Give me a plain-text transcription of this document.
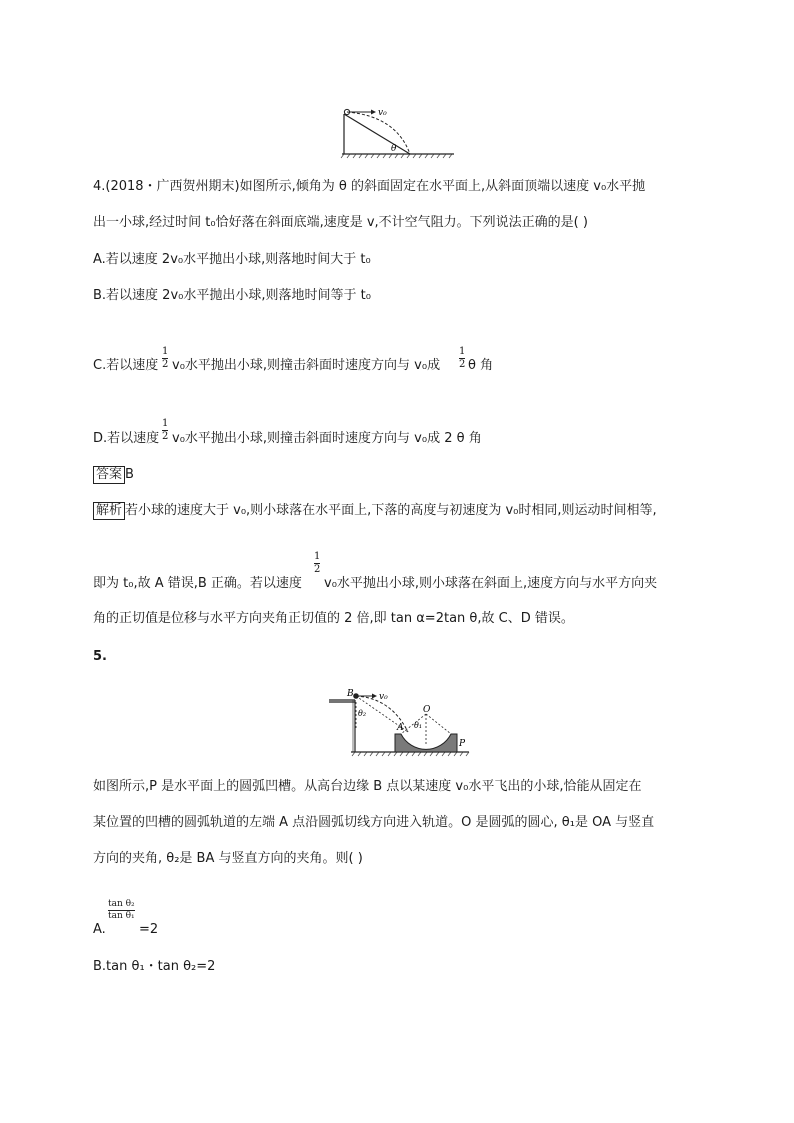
v₀
θ
4.(2018・广西贺州期末)如图所示,倾角为 θ 的斜面固定在水平面上,从斜面顶端以速度 v₀水平抛
出一小球,经过时间 t₀恰好落在斜面底端,速度是 v,不计空气阻力。下列说法正确的是( )
A.若以速度 2v₀水平抛出小球,则落地时间大于 t₀
B.若以速度 2v₀水平抛出小球,则落地时间等于 t₀
C.若以速度 $\frac{1}{2} v_0$水平抛出小球,则撞击斜面时速度方向与 v₀成 $\frac{1}{2}$ θ 角
D.若以速度 $\frac{1}{2} v_0$水平抛出小球,则撞击斜面时速度方向与 v₀成 2 θ 角
答案 B
解析 若小球的速度大于 v₀,则小球落在水平面上,下落的高度与初速度为 v₀时相同,则运动时间相等,
即为 t₀,故 A 错误,B 正确。若以速度
$\frac{1}{2}$
v₀水平抛出小球,则小球落在斜面上,速度方向与水平方向夹
角的正切值是位移与水平方向夹角正切值的 2 倍,即 tan α=2tan θ,故 C、D 错误。
5.
B	v₀
θ₂
A
O
θ₁
P
如图所示,P 是水平面上的圆弧凹槽。从高台边缘 B 点以某速度 v₀水平飞出的小球,恰能从固定在
某位置的凹槽的圆弧轨道的左端 A 点沿圆弧切线方向进入轨道。O 是圆弧的圆心, θ₁是 OA 与竖直
方向的夹角, θ₂是 BA 与竖直方向的夹角。则( )
$\frac{\text{tan θ₂}}{\text{tan θ₁}}$
A.	=2
B.tan θ₁・tan θ₂=2
